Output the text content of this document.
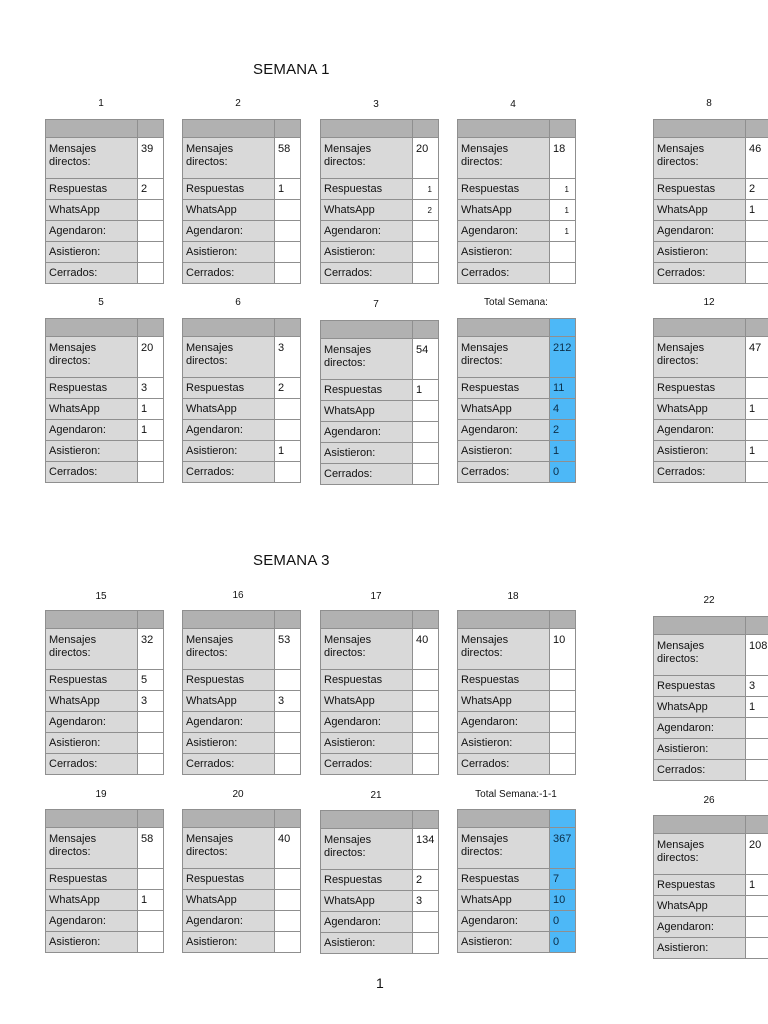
SEMANA 1
1

Mensajes directos:	39
Respuestas	2
WhatsApp	
Agendaron:	
Asistieron:	
Cerrados:	
2

Mensajes directos:	58
Respuestas	1
WhatsApp	
Agendaron:	
Asistieron:	
Cerrados:	
3

Mensajes directos:	20
Respuestas	1
WhatsApp	2
Agendaron:	
Asistieron:	
Cerrados:	
4

Mensajes directos:	18
Respuestas	1
WhatsApp	1
Agendaron:	1
Asistieron:	
Cerrados:	
8

Mensajes directos:	46
Respuestas	2
WhatsApp	1
Agendaron:	
Asistieron:	
Cerrados:	
5

Mensajes directos:	20
Respuestas	3
WhatsApp	1
Agendaron:	1
Asistieron:	
Cerrados:	
6

Mensajes directos:	3
Respuestas	2
WhatsApp	
Agendaron:	
Asistieron:	1
Cerrados:	
7

Mensajes directos:	54
Respuestas	1
WhatsApp	
Agendaron:	
Asistieron:	
Cerrados:	
Total Semana:

Mensajes directos:	212
Respuestas	11
WhatsApp	4
Agendaron:	2
Asistieron:	1
Cerrados:	0
12

Mensajes directos:	47
Respuestas	
WhatsApp	1
Agendaron:	
Asistieron:	1
Cerrados:	
SEMANA 3
15

Mensajes directos:	32
Respuestas	5
WhatsApp	3
Agendaron:	
Asistieron:	
Cerrados:	
16

Mensajes directos:	53
Respuestas	
WhatsApp	3
Agendaron:	
Asistieron:	
Cerrados:	
17

Mensajes directos:	40
Respuestas	
WhatsApp	
Agendaron:	
Asistieron:	
Cerrados:	
18

Mensajes directos:	10
Respuestas	
WhatsApp	
Agendaron:	
Asistieron:	
Cerrados:	
22

Mensajes directos:	108
Respuestas	3
WhatsApp	1
Agendaron:	
Asistieron:	
Cerrados:	
19

Mensajes directos:	58
Respuestas	
WhatsApp	1
Agendaron:	
Asistieron:	
20

Mensajes directos:	40
Respuestas	
WhatsApp	
Agendaron:	
Asistieron:	
21

Mensajes directos:	134
Respuestas	2
WhatsApp	3
Agendaron:	
Asistieron:	
Total Semana:-1-1

Mensajes directos:	367
Respuestas	7
WhatsApp	10
Agendaron:	0
Asistieron:	0
26

Mensajes directos:	20
Respuestas	1
WhatsApp	
Agendaron:	
Asistieron:	
1
